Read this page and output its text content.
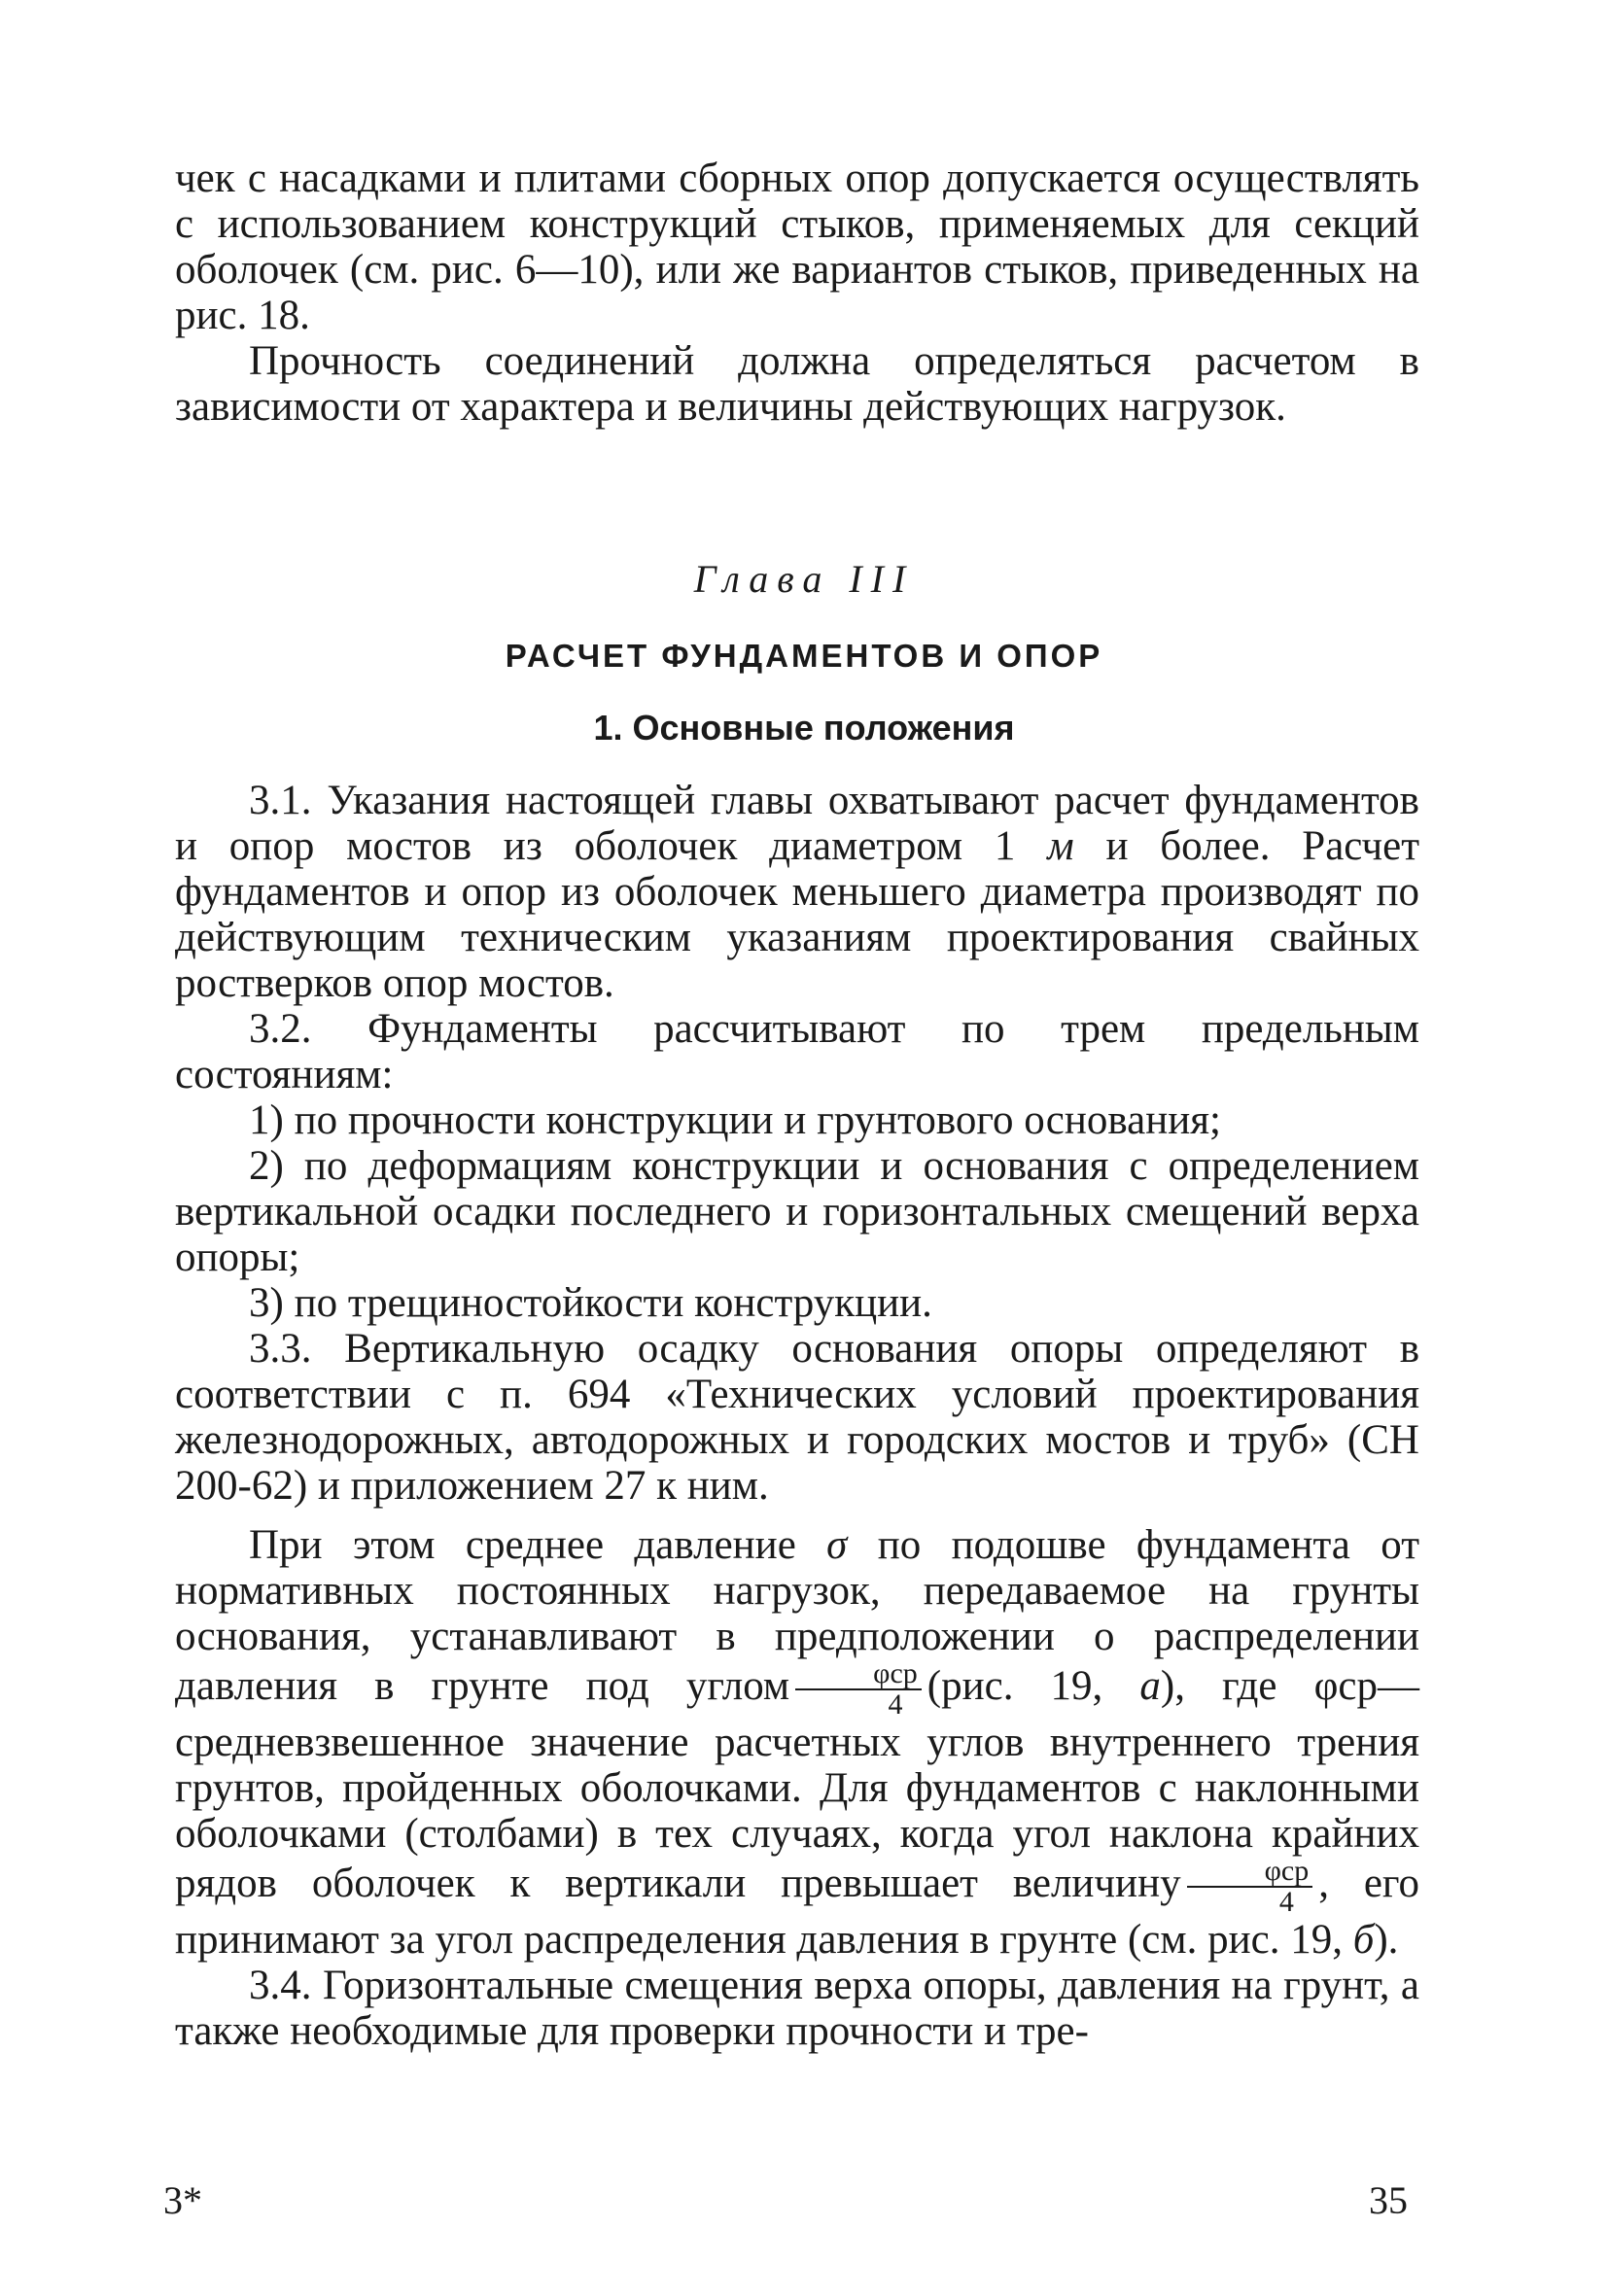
чек с насадками и плитами сборных опор допускается осуществлять с использованием конструкций стыков, применяемых для секций оболочек (см. рис. 6—10), или же вариантов стыков, приведенных на рис. 18.

Прочность соединений должна определяться расчетом в зависимости от характера и величины действующих нагрузок.

Глава III
РАСЧЕТ ФУНДАМЕНТОВ И ОПОР
1. Основные положения

3.1. Указания настоящей главы охватывают расчет фундаментов и опор мостов из оболочек диаметром 1 м и более. Расчет фундаментов и опор из оболочек меньшего диаметра производят по действующим техническим указаниям проектирования свайных ростверков опор мостов.

3.2. Фундаменты рассчитывают по трем предельным состояниям:

1) по прочности конструкции и грунтового основания;

2) по деформациям конструкции и основания с определением вертикальной осадки последнего и горизонтальных смещений верха опоры;

3) по трещиностойкости конструкции.

3.3. Вертикальную осадку основания опоры определяют в соответствии с п. 694 «Технических условий проектирования железнодорожных, автодорожных и городских мостов и труб» (СН 200-62) и приложением 27 к ним.

При этом среднее давление σ по подошве фундамента от нормативных постоянных нагрузок, передаваемое на грунты основания, устанавливают в предположении о распределении давления в грунте под углом $\frac{\text{φср}}{4} (рис$. 19, а), где φср—средневзвешенное значение расчетных углов внутреннего трения грунтов, пройденных оболочками. Для фундаментов с наклонными оболочками (столбами) в тех случаях, когда угол наклона крайних рядов оболочек к вертикали превышает величину $\frac{\text{φср}}{4}$ , его принимают за угол распределения давления в грунте (см. рис. 19, б).

3.4. Горизонтальные смещения верха опоры, давления на грунт, а также необходимые для проверки прочности и тре-

3*	35
